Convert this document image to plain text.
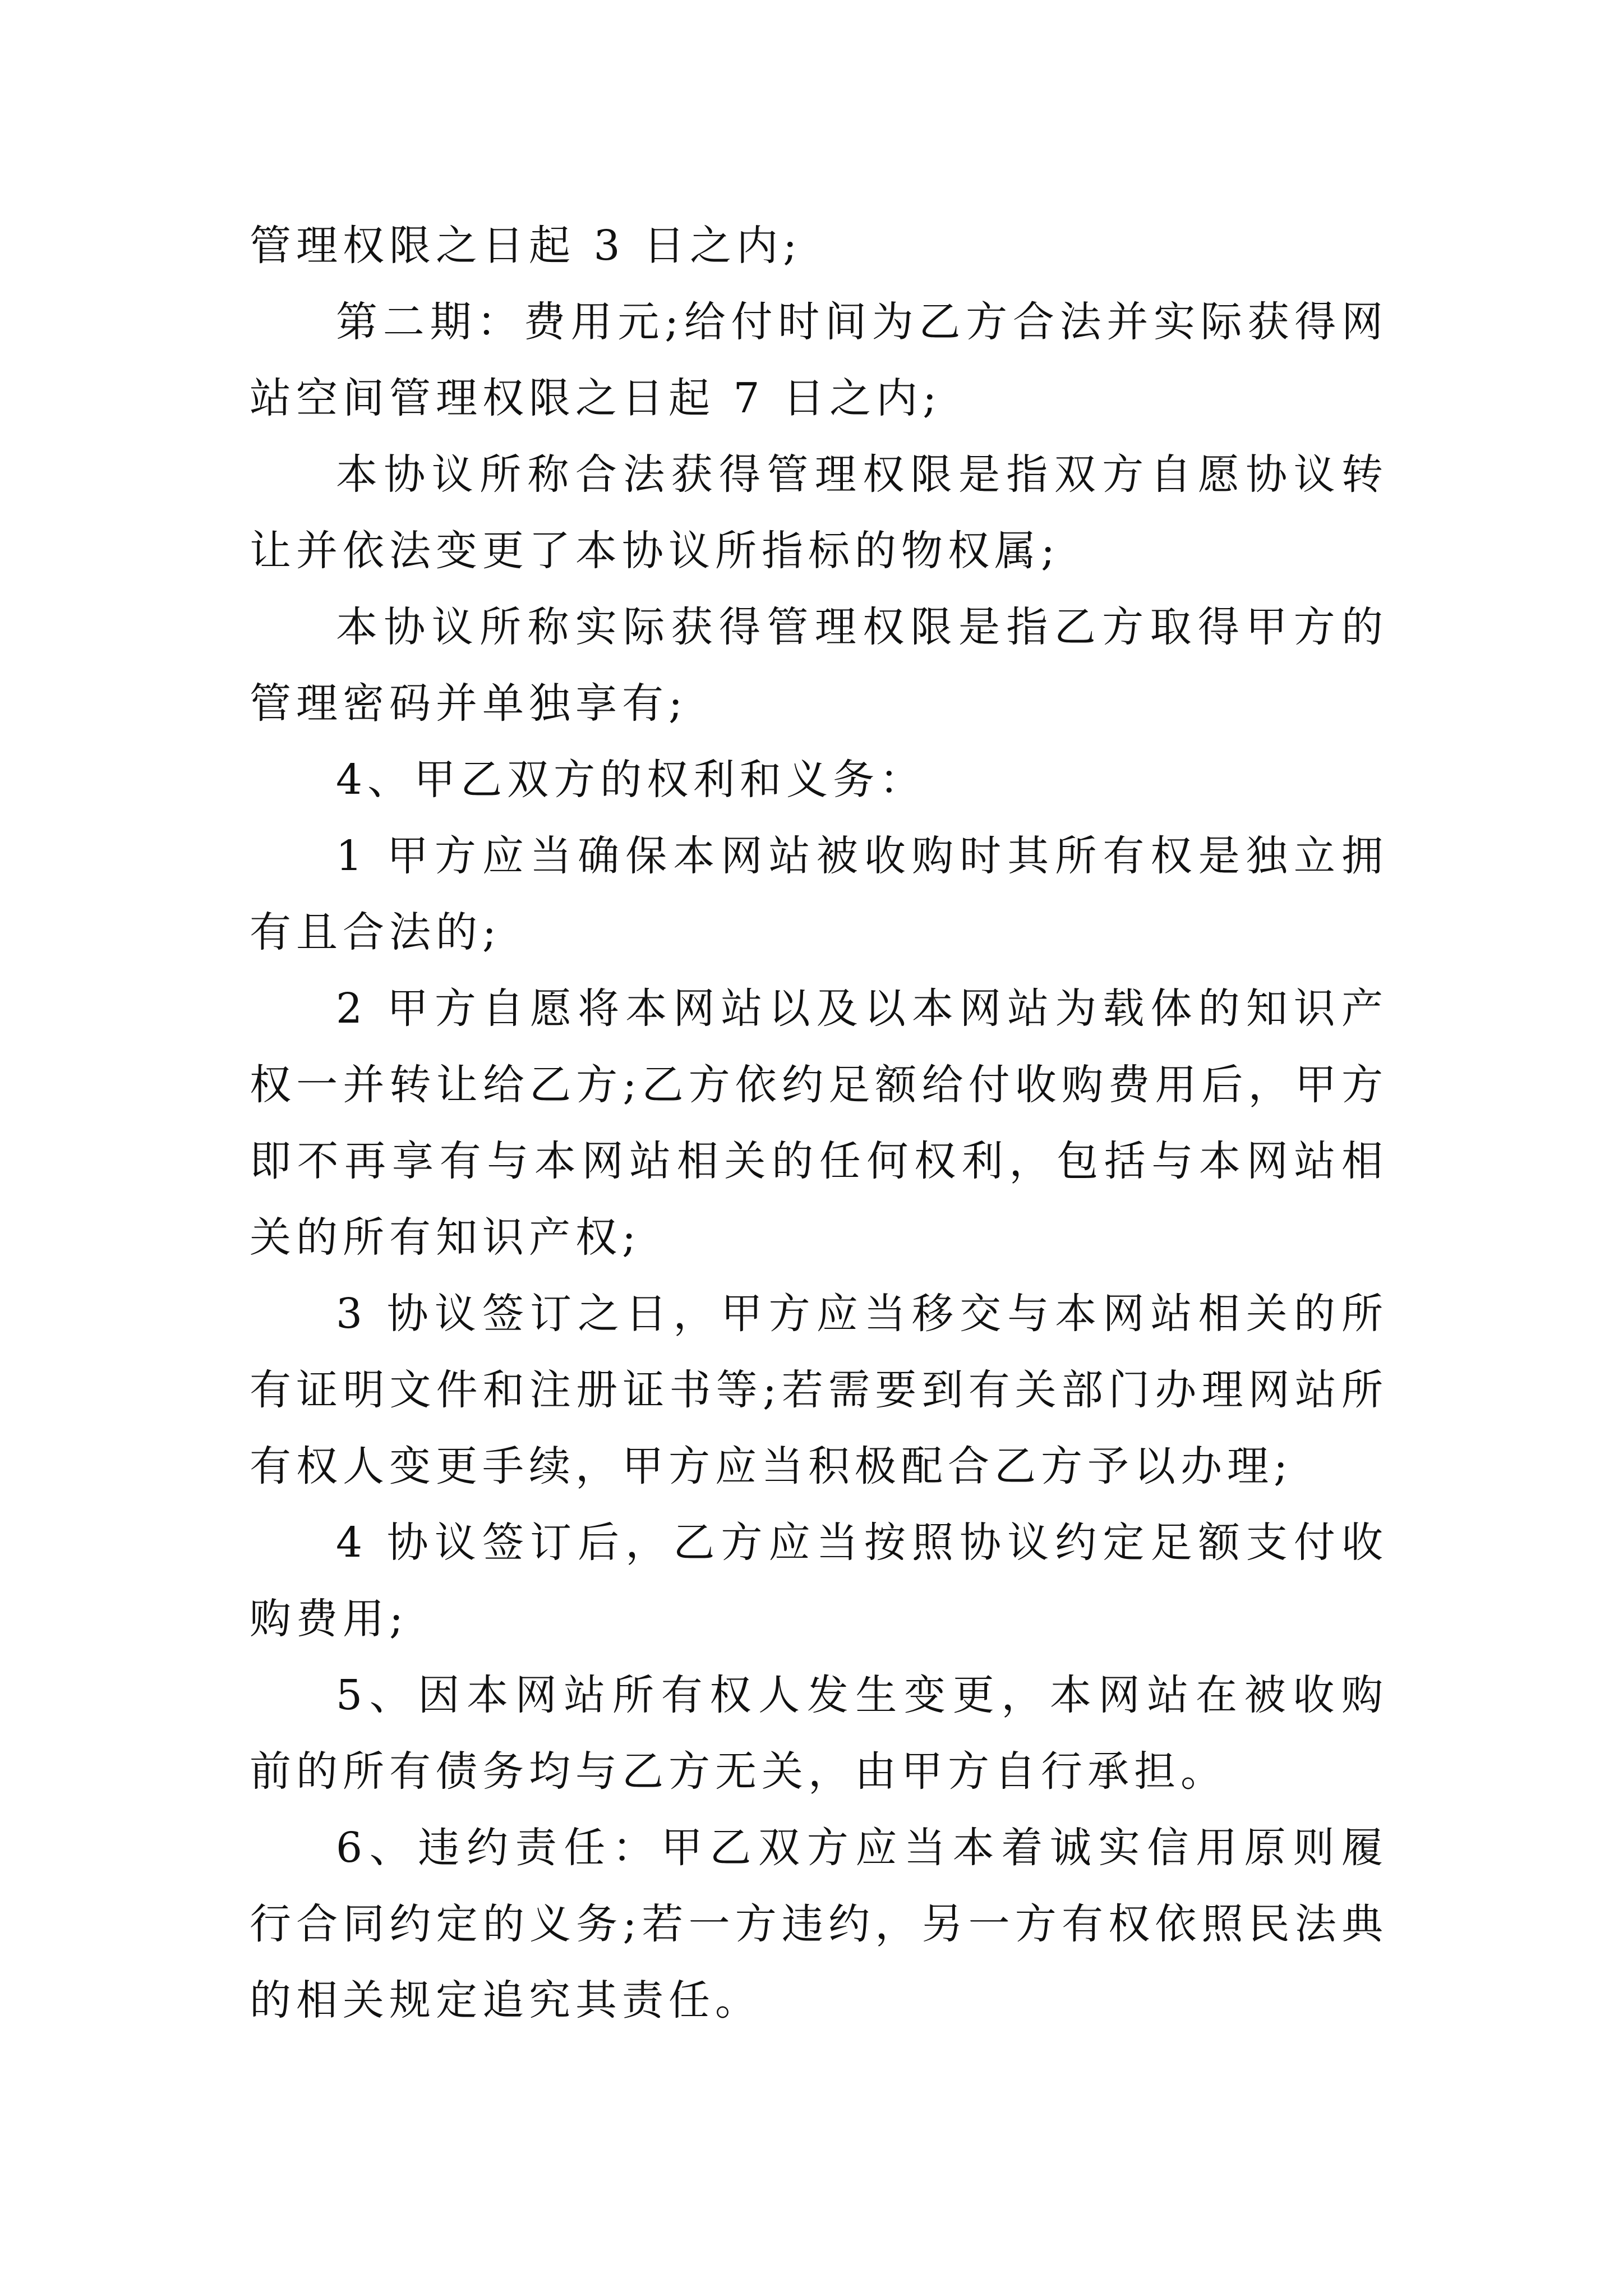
管理权限之日起 3 日之内;

第二期：费用元;给付时间为乙方合法并实际获得网站空间管理权限之日起 7 日之内;

本协议所称合法获得管理权限是指双方自愿协议转让并依法变更了本协议所指标的物权属;

本协议所称实际获得管理权限是指乙方取得甲方的管理密码并单独享有;

4、甲乙双方的权利和义务：

1 甲方应当确保本网站被收购时其所有权是独立拥有且合法的;

2 甲方自愿将本网站以及以本网站为载体的知识产权一并转让给乙方;乙方依约足额给付收购费用后，甲方即不再享有与本网站相关的任何权利，包括与本网站相关的所有知识产权;

3 协议签订之日，甲方应当移交与本网站相关的所有证明文件和注册证书等;若需要到有关部门办理网站所有权人变更手续，甲方应当积极配合乙方予以办理;

4 协议签订后，乙方应当按照协议约定足额支付收购费用;

5、因本网站所有权人发生变更，本网站在被收购前的所有债务均与乙方无关，由甲方自行承担。

6、违约责任：甲乙双方应当本着诚实信用原则履行合同约定的义务;若一方违约，另一方有权依照民法典的相关规定追究其责任。
